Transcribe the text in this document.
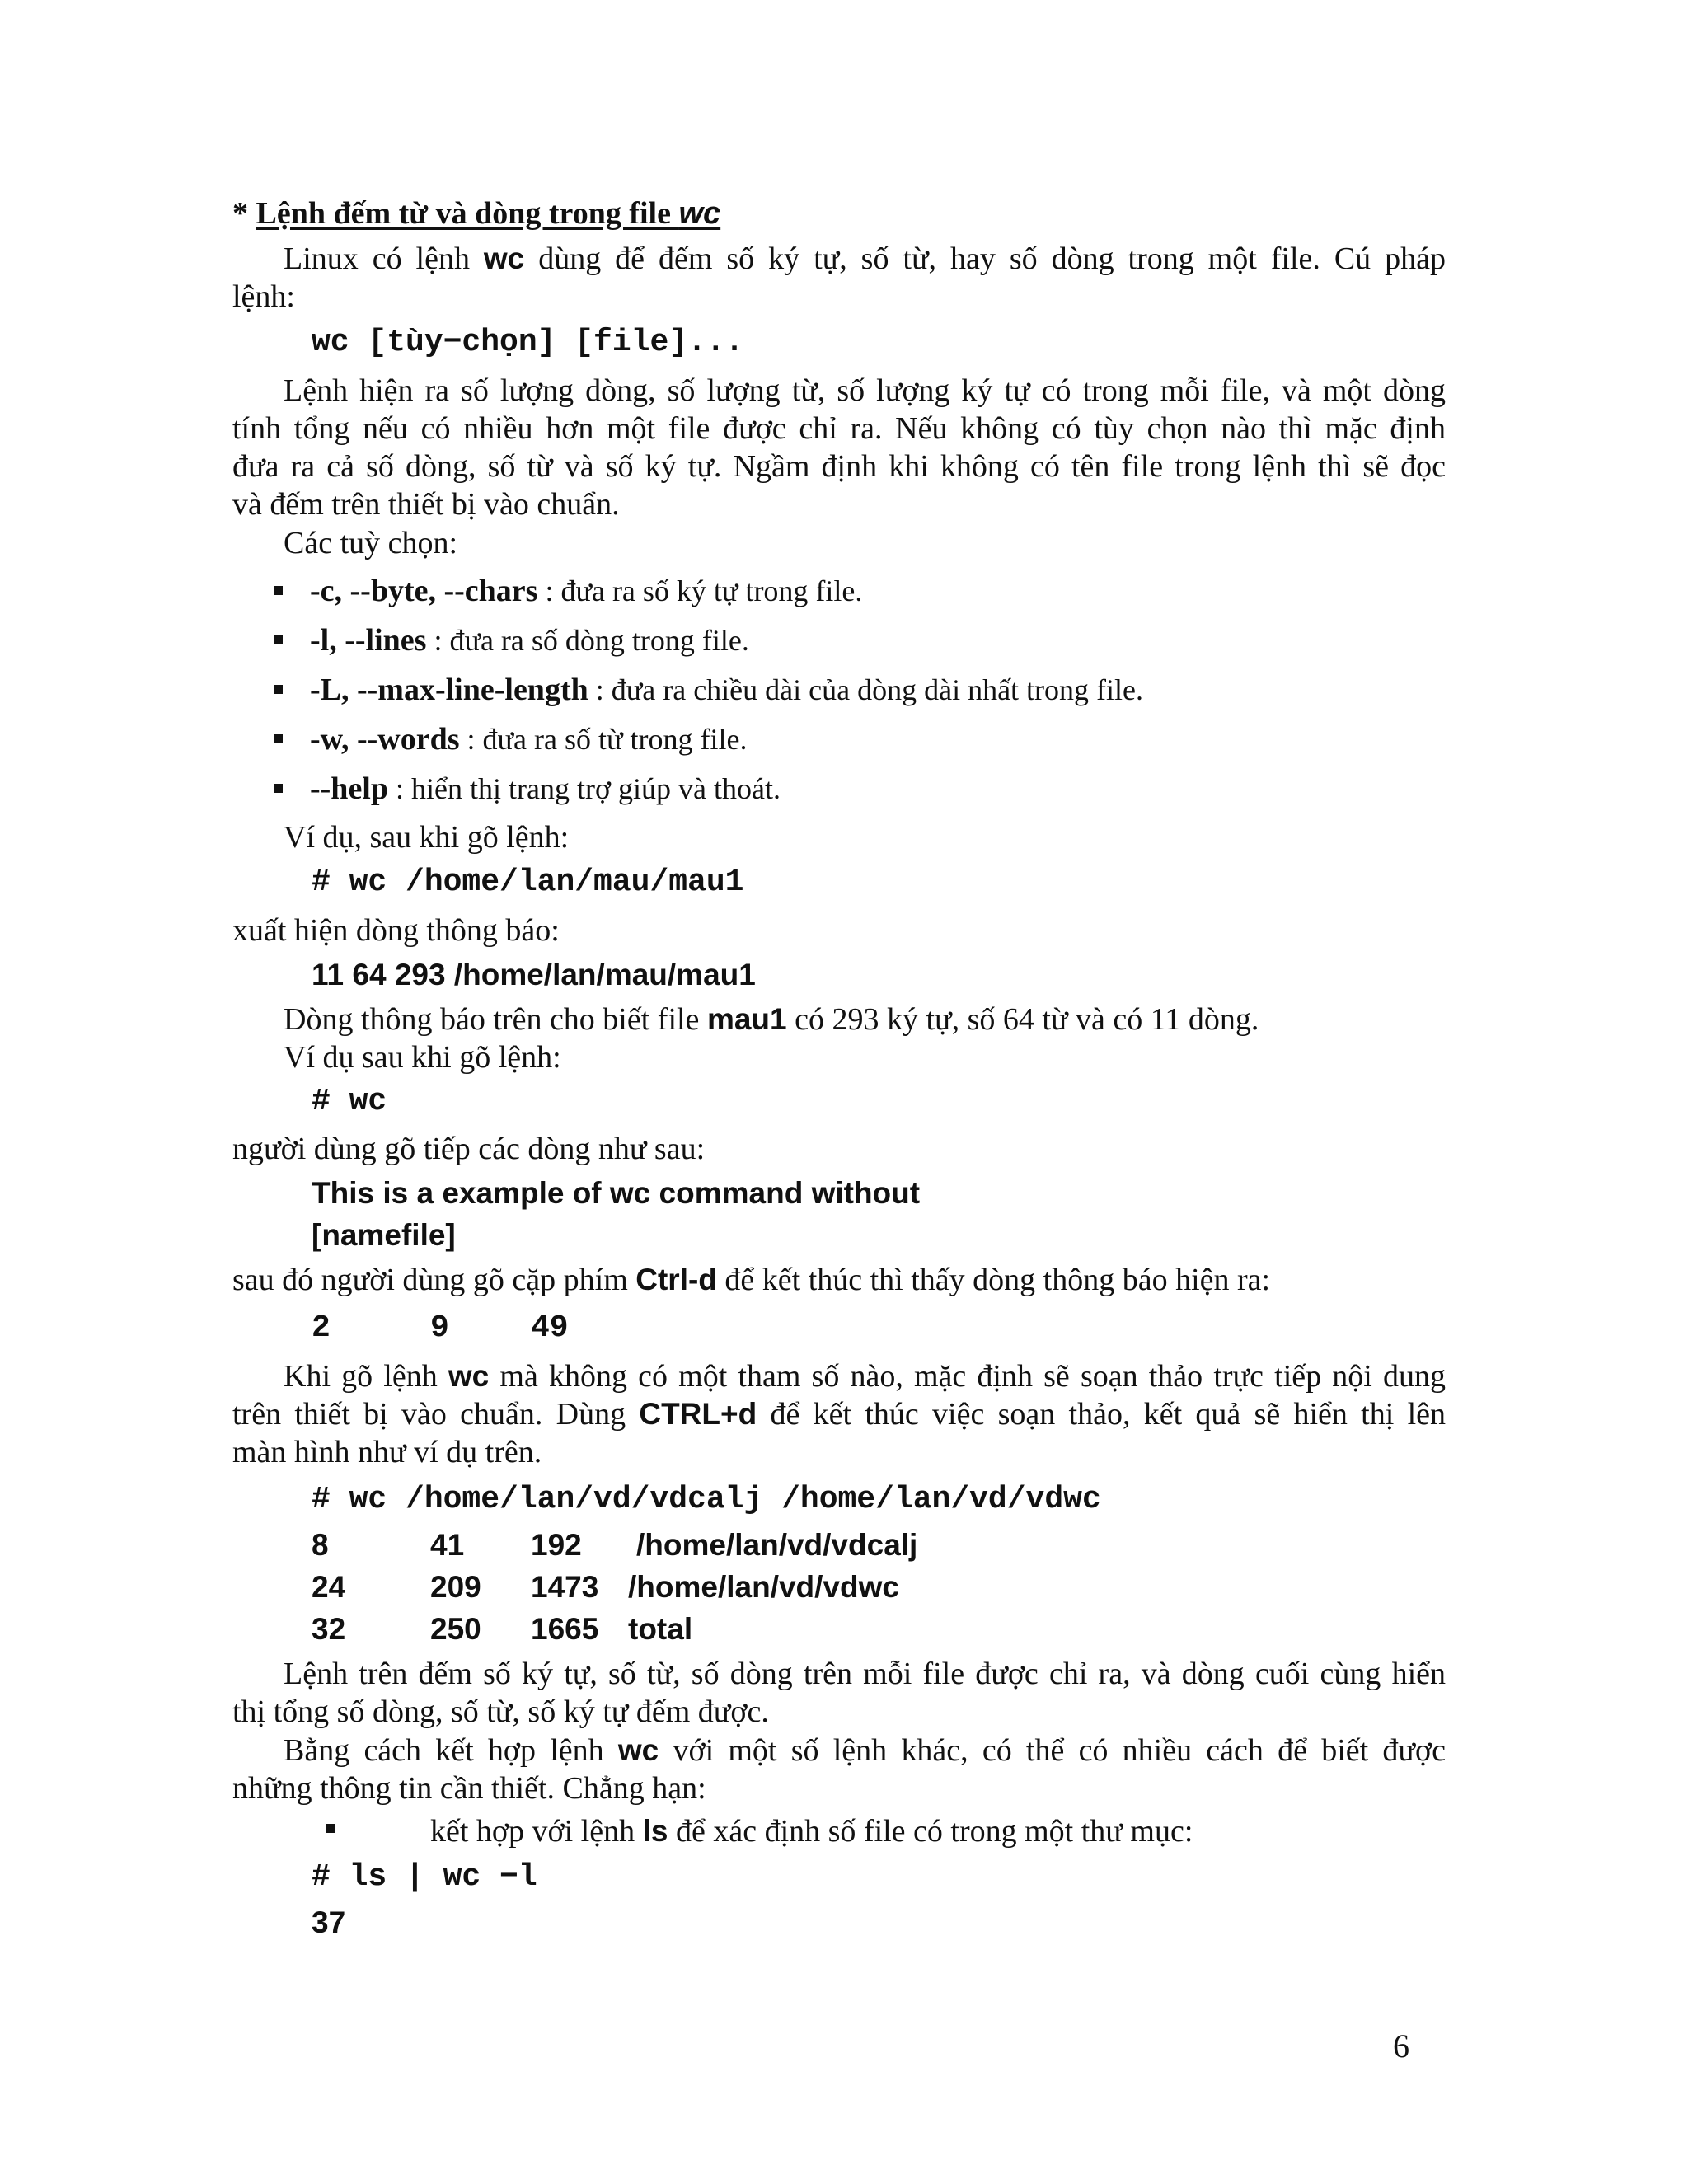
* Lệnh đếm từ và dòng trong file wc
Linux có lệnh wc dùng để đếm số ký tự, số từ, hay số dòng trong một file. Cú pháp
lệnh:
wc [tùy−chọn] [file]...
Lệnh hiện ra số lượng dòng, số lượng từ, số lượng ký tự có trong mỗi file, và một dòng
tính tổng nếu có nhiều hơn một file được chỉ ra. Nếu không có tùy chọn nào thì mặc định
đưa ra cả số dòng, số từ và số ký tự. Ngầm định khi không có tên file trong lệnh thì sẽ đọc
và đếm trên thiết bị vào chuẩn.
Các tuỳ chọn:
-c, --byte, --chars : đưa ra số ký tự trong file.
-l, --lines : đưa ra số dòng trong file.
-L, --max-line-length : đưa ra chiều dài của dòng dài nhất trong file.
-w, --words : đưa ra số từ trong file.
--help : hiển thị trang trợ giúp và thoát.
Ví dụ, sau khi gõ lệnh:
# wc /home/lan/mau/mau1
xuất hiện dòng thông báo:
11 64 293 /home/lan/mau/mau1
Dòng thông báo trên cho biết file mau1 có 293 ký tự, số 64 từ và có 11 dòng.
Ví dụ sau khi gõ lệnh:
# wc
người dùng gõ tiếp các dòng như sau:
This is a example of wc command without
[namefile]
sau đó người dùng gõ cặp phím Ctrl-d để kết thúc thì thấy dòng thông báo hiện ra:
2	9	49
Khi gõ lệnh wc mà không có một tham số nào, mặc định sẽ soạn thảo trực tiếp nội dung
trên thiết bị vào chuẩn. Dùng CTRL+d để kết thúc việc soạn thảo, kết quả sẽ hiển thị lên
màn hình như ví dụ trên.
# wc /home/lan/vd/vdcalj /home/lan/vd/vdwc
8	41 192 /home/lan/vd/vdcalj
24	209 1473 /home/lan/vd/vdwc
32	250 1665 total
Lệnh trên đếm số ký tự, số từ, số dòng trên mỗi file được chỉ ra, và dòng cuối cùng hiển
thị tổng số dòng, số từ, số ký tự đếm được.
Bằng cách kết hợp lệnh wc với một số lệnh khác, có thể có nhiều cách để biết được
những thông tin cần thiết. Chẳng hạn:
kết hợp với lệnh ls để xác định số file có trong một thư mục:
# ls | wc −l
37
6
